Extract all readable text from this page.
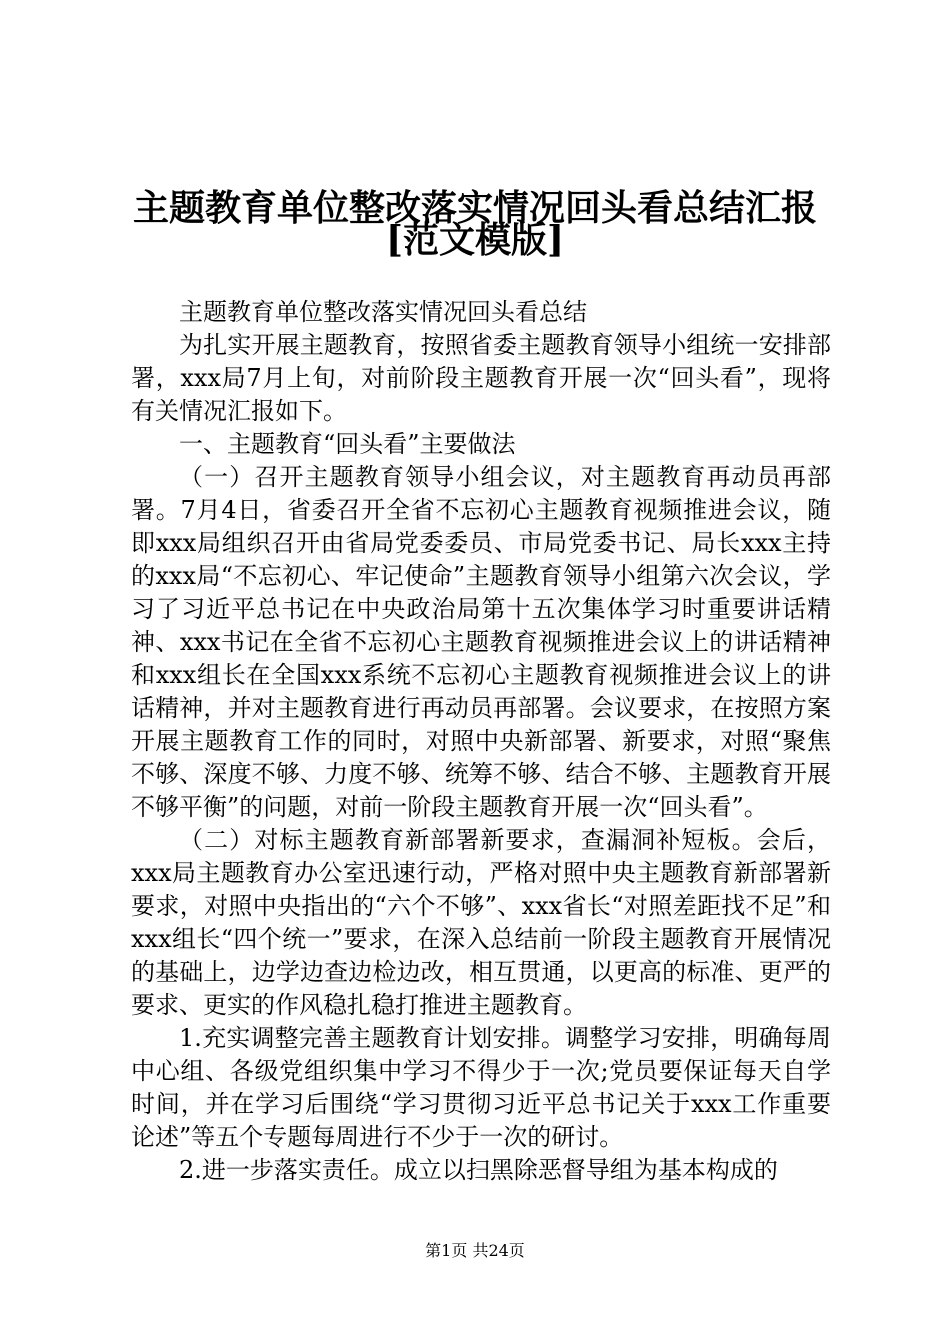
主题教育单位整改落实情况回头看总结汇报
[范文模版]

主题教育单位整改落实情况回头看总结

为扎实开展主题教育，按照省委主题教育领导小组统一安排部署，xxx局7月上旬，对前阶段主题教育开展一次“回头看”，现将有关情况汇报如下。

一、主题教育“回头看”主要做法

（一）召开主题教育领导小组会议，对主题教育再动员再部署。7月4日，省委召开全省不忘初心主题教育视频推进会议，随即xxx局组织召开由省局党委委员、市局党委书记、局长xxx主持的xxx局“不忘初心、牢记使命”主题教育领导小组第六次会议，学习了习近平总书记在中央政治局第十五次集体学习时重要讲话精神、xxx书记在全省不忘初心主题教育视频推进会议上的讲话精神和xxx组长在全国xxx系统不忘初心主题教育视频推进会议上的讲话精神，并对主题教育进行再动员再部署。会议要求，在按照方案开展主题教育工作的同时，对照中央新部署、新要求，对照“聚焦不够、深度不够、力度不够、统筹不够、结合不够、主题教育开展不够平衡”的问题，对前一阶段主题教育开展一次“回头看”。

（二）对标主题教育新部署新要求，查漏洞补短板。会后，xxx局主题教育办公室迅速行动，严格对照中央主题教育新部署新要求，对照中央指出的“六个不够”、xxx省长“对照差距找不足”和xxx组长“四个统一”要求，在深入总结前一阶段主题教育开展情况的基础上，边学边查边检边改，相互贯通，以更高的标准、更严的要求、更实的作风稳扎稳打推进主题教育。

1.充实调整完善主题教育计划安排。调整学习安排，明确每周中心组、各级党组织集中学习不得少于一次;党员要保证每天自学时间，并在学习后围绕“学习贯彻习近平总书记关于xxx工作重要论述”等五个专题每周进行不少于一次的研讨。

2.进一步落实责任。成立以扫黑除恶督导组为基本构成的

第1页 共24页
